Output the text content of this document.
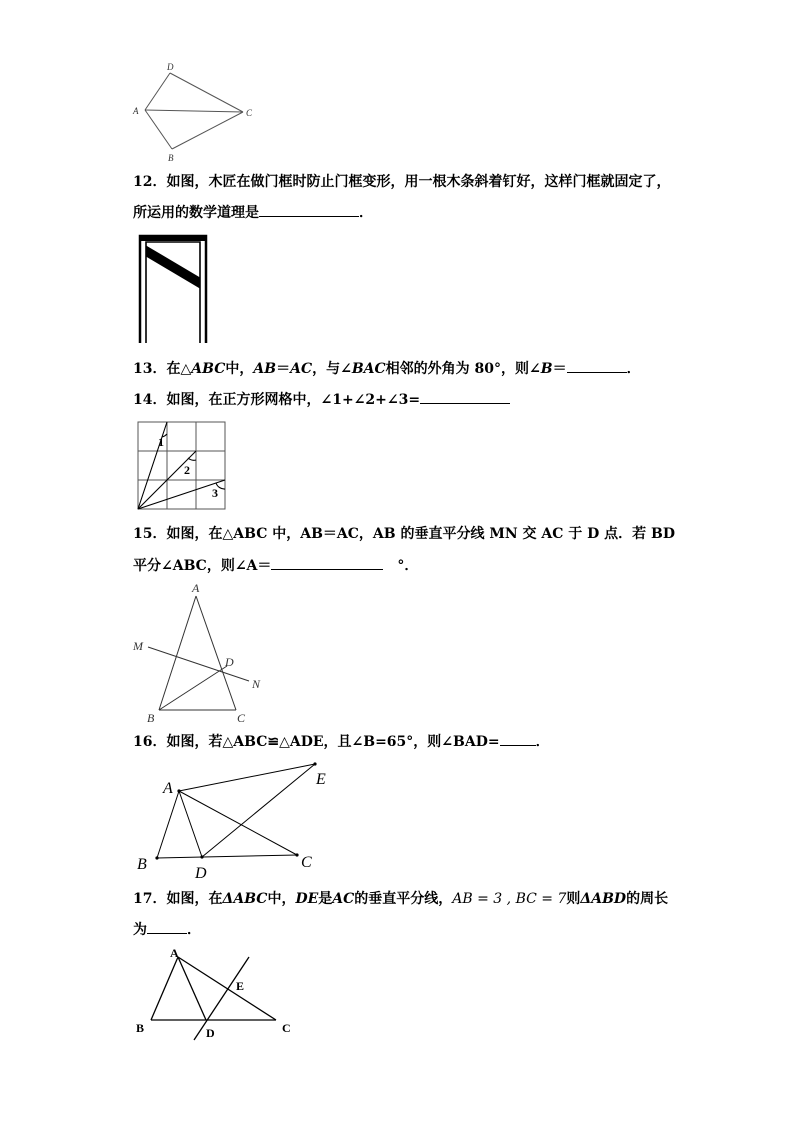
D
A	C
B
12．如图，木匠在做门框时防止门框变形，用一根木条斜着钉好，这样门框就固定了，
所运用的数学道理是	．
13．在△ABC中，AB＝AC，与∠BAC相邻的外角为 80°，则∠B＝	．
14．如图，在正方形网格中，∠1+∠2+∠3=
1
2
3
15．如图，在△ABC 中，AB＝AC，AB 的垂直平分线 MN 交 AC 于 D 点．若 BD
平分∠ABC，则∠A＝	°．
A
M
D
N
B	C
16．如图，若△ABC≌△ADE，且∠B=65°，则∠BAD=	．
A
E
B
D
C
17．如图，在ΔABC中，DE是AC的垂直平分线，AB = 3 , BC = 7则ΔABD的周长
为	．
A
E
B	D	C
